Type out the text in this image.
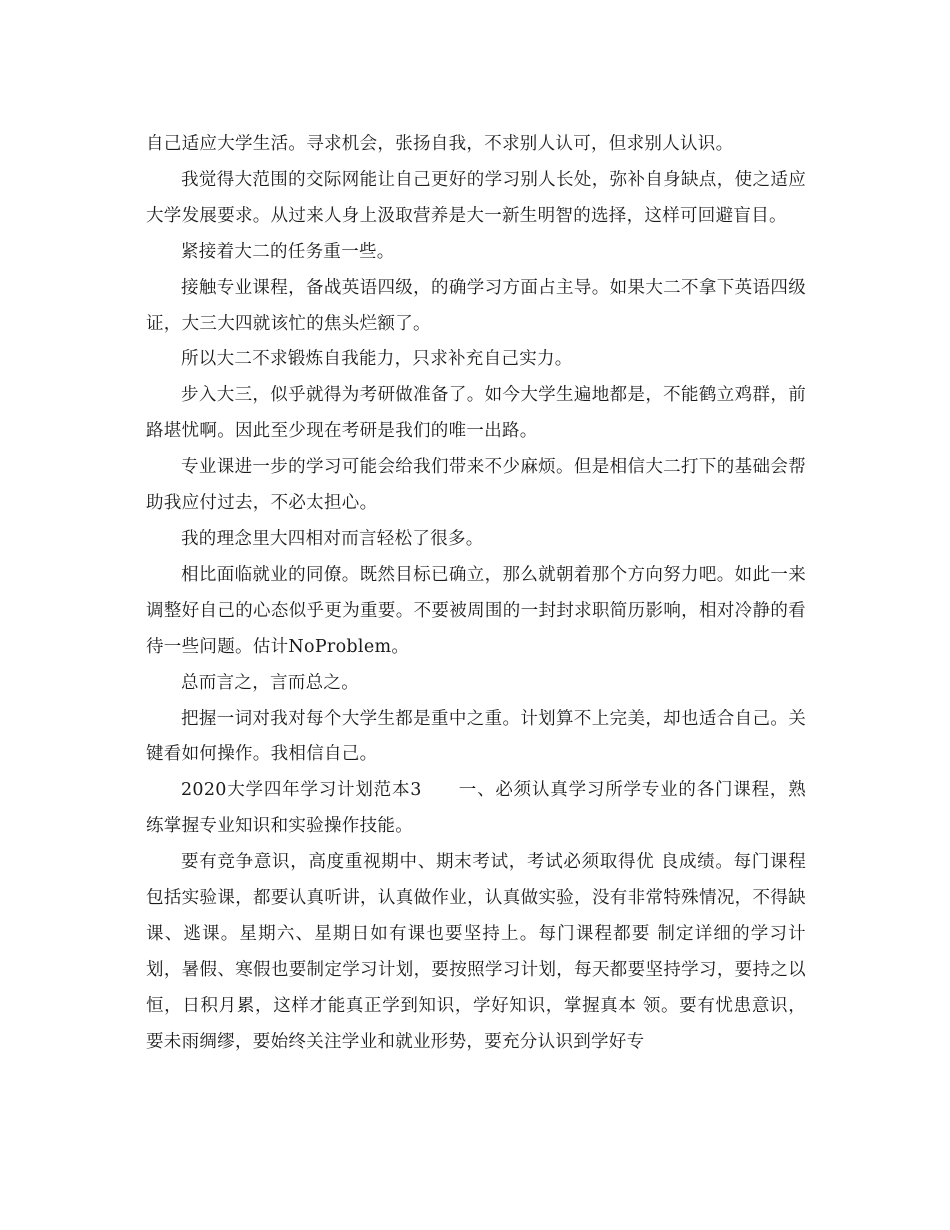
自己适应大学生活。寻求机会，张扬自我，不求别人认可，但求别人认识。

我觉得大范围的交际网能让自己更好的学习别人长处，弥补自身缺点，使之适应大学发展要求。从过来人身上汲取营养是大一新生明智的选择，这样可回避盲目。

紧接着大二的任务重一些。

接触专业课程，备战英语四级，的确学习方面占主导。如果大二不拿下英语四级证，大三大四就该忙的焦头烂额了。

所以大二不求锻炼自我能力，只求补充自己实力。

步入大三，似乎就得为考研做准备了。如今大学生遍地都是，不能鹤立鸡群，前路堪忧啊。因此至少现在考研是我们的唯一出路。

专业课进一步的学习可能会给我们带来不少麻烦。但是相信大二打下的基础会帮助我应付过去，不必太担心。

我的理念里大四相对而言轻松了很多。

相比面临就业的同僚。既然目标已确立，那么就朝着那个方向努力吧。如此一来调整好自己的心态似乎更为重要。不要被周围的一封封求职简历影响，相对冷静的看待一些问题。估计NoProblem。

总而言之，言而总之。

把握一词对我对每个大学生都是重中之重。计划算不上完美，却也适合自己。关键看如何操作。我相信自己。

2020大学四年学习计划范本3　　一、必须认真学习所学专业的各门课程，熟练掌握专业知识和实验操作技能。

要有竞争意识，高度重视期中、期末考试，考试必须取得优 良成绩。每门课程包括实验课，都要认真听讲，认真做作业，认真做实验，没有非常特殊情况，不得缺课、逃课。星期六、星期日如有课也要坚持上。每门课程都要 制定详细的学习计划，暑假、寒假也要制定学习计划，要按照学习计划，每天都要坚持学习，要持之以恒，日积月累，这样才能真正学到知识，学好知识，掌握真本 领。要有忧患意识，要未雨绸缪，要始终关注学业和就业形势，要充分认识到学好专
